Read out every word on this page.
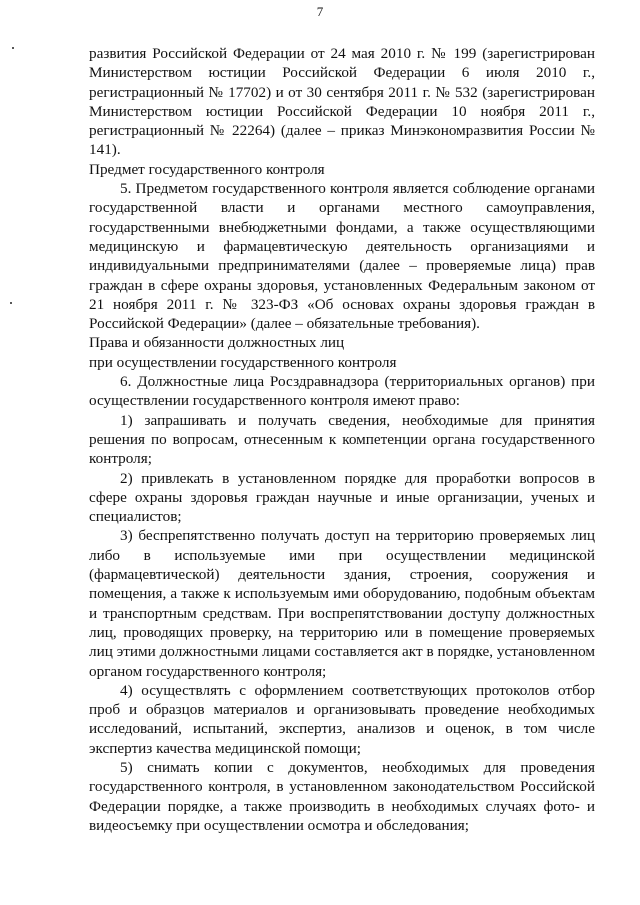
7

развития Российской Федерации от 24 мая 2010 г. № 199 (зарегистрирован Министерством юстиции Российской Федерации 6 июля 2010 г., регистрационный № 17702) и от 30 сентября 2011 г. № 532 (зарегистрирован Министерством юстиции Российской Федерации 10 ноября 2011 г., регистрационный № 22264) (далее – приказ Минэкономразвития России № 141).

Предмет государственного контроля

5. Предметом государственного контроля является соблюдение органами государственной власти и органами местного самоуправления, государственными внебюджетными фондами, а также осуществляющими медицинскую и фармацевтическую деятельность организациями и индивидуальными предпринимателями (далее – проверяемые лица) прав граждан в сфере охраны здоровья, установленных Федеральным законом от 21 ноября 2011 г. № 323-ФЗ «Об основах охраны здоровья граждан в Российской Федерации» (далее – обязательные требования).

Права и обязанности должностных лиц
при осуществлении государственного контроля

6. Должностные лица Росздравнадзора (территориальных органов) при осуществлении государственного контроля имеют право:

1) запрашивать и получать сведения, необходимые для принятия решения по вопросам, отнесенным к компетенции органа государственного контроля;

2) привлекать в установленном порядке для проработки вопросов в сфере охраны здоровья граждан научные и иные организации, ученых и специалистов;

3) беспрепятственно получать доступ на территорию проверяемых лиц либо в используемые ими при осуществлении медицинской (фармацевтической) деятельности здания, строения, сооружения и помещения, а также к используемым ими оборудованию, подобным объектам и транспортным средствам. При воспрепятствовании доступу должностных лиц, проводящих проверку, на территорию или в помещение проверяемых лиц этими должностными лицами составляется акт в порядке, установленном органом государственного контроля;

4) осуществлять с оформлением соответствующих протоколов отбор проб и образцов материалов и организовывать проведение необходимых исследований, испытаний, экспертиз, анализов и оценок, в том числе экспертиз качества медицинской помощи;

5) снимать копии с документов, необходимых для проведения государственного контроля, в установленном законодательством Российской Федерации порядке, а также производить в необходимых случаях фото- и видеосъемку при осуществлении осмотра и обследования;
